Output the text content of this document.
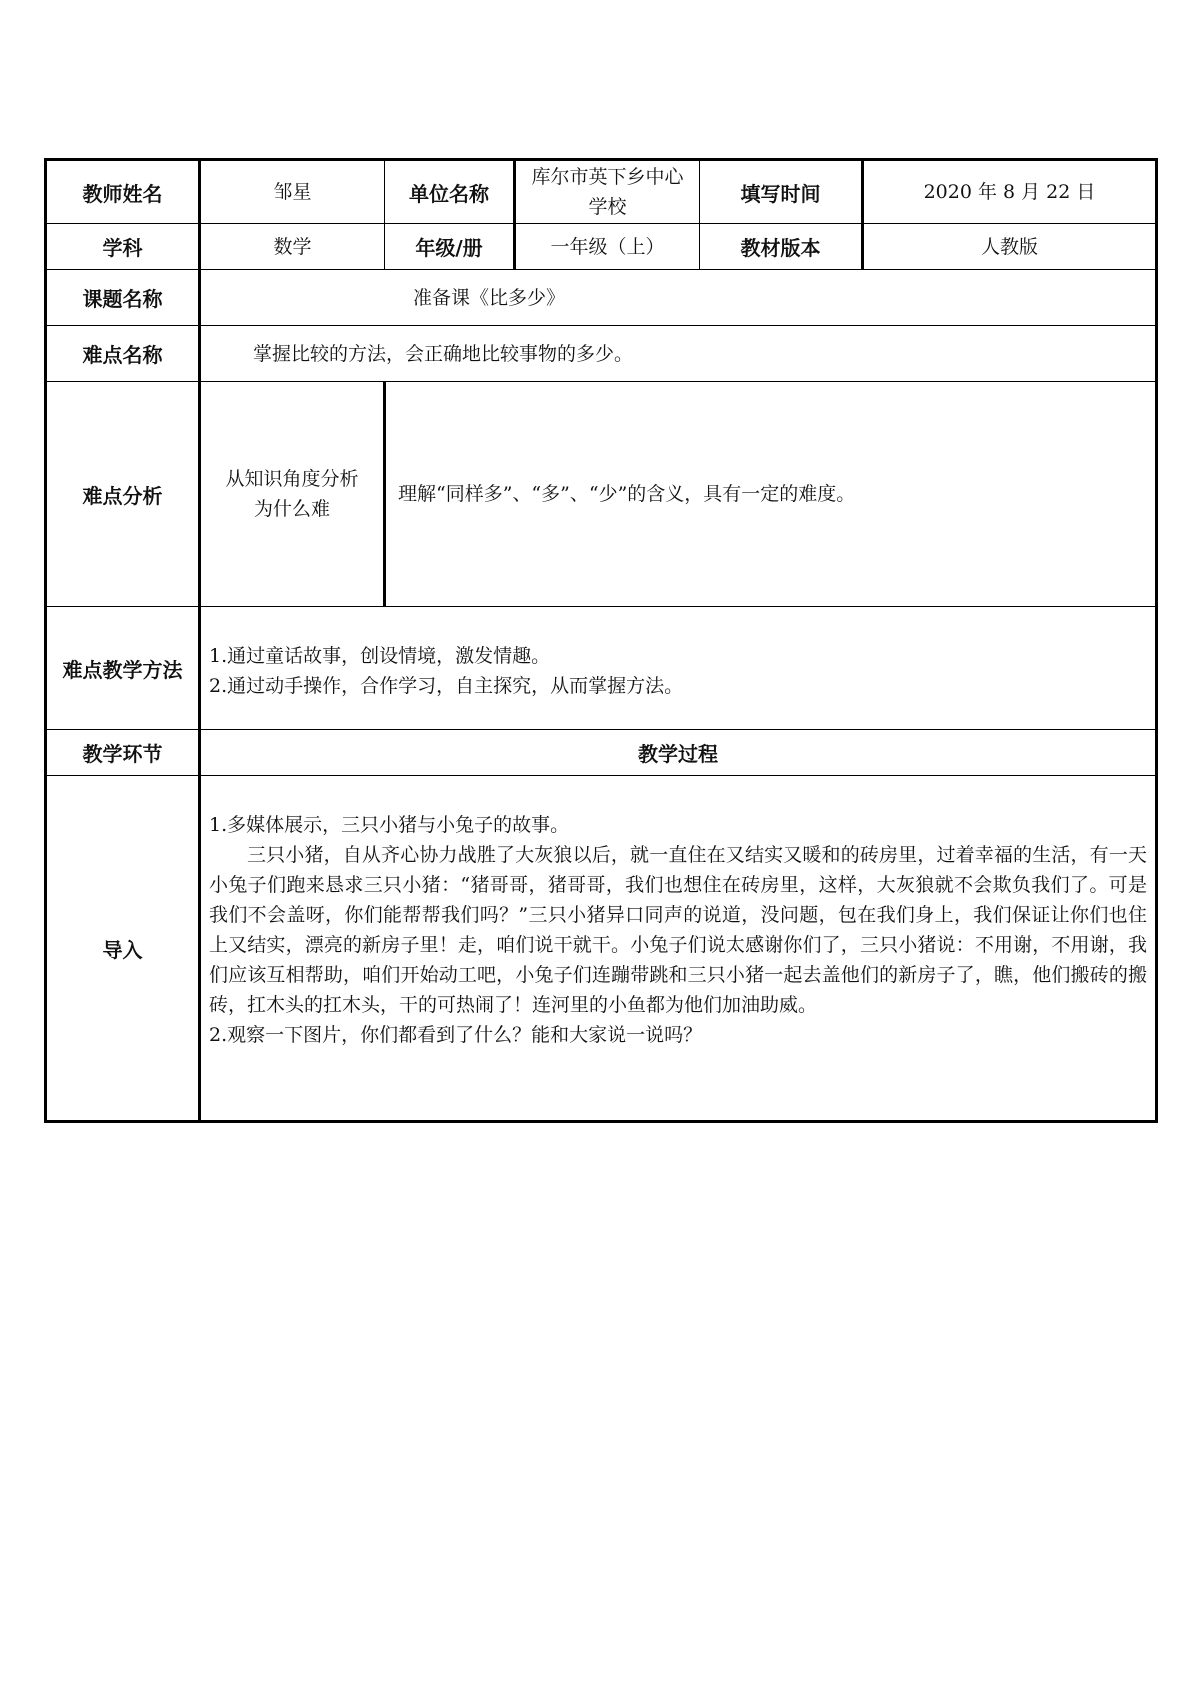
教师姓名	邹星	单位名称	库尔市英下乡中心学校	填写时间	2020 年 8 月 22 日
学科	数学	年级/册	一年级（上）	教材版本	人教版
课题名称	准备课《比多少》				
难点名称	掌握比较的方法，会正确地比较事物的多少。				
难点分析	从知识角度分析为什么难	理解“同样多”、“多”、“少”的含义，具有一定的难度。			
难点教学方法	1.通过童话故事，创设情境，激发情趣。

2.通过动手操作，合作学习，自主探究，从而掌握方法。				

教学环节	教学过程				
导入	1.多媒体展示，三只小猪与小兔子的故事。

三只小猪，自从齐心协力战胜了大灰狼以后，就一直住在又结实又暖和的砖房里，过着幸福的生活，有一天小兔子们跑来恳求三只小猪：“猪哥哥，猪哥哥，我们也想住在砖房里，这样，大灰狼就不会欺负我们了。可是我们不会盖呀，你们能帮帮我们吗？”三只小猪异口同声的说道，没问题，包在我们身上，我们保证让你们也住上又结实，漂亮的新房子里！走，咱们说干就干。小兔子们说太感谢你们了，三只小猪说：不用谢，不用谢，我们应该互相帮助，咱们开始动工吧，小兔子们连蹦带跳和三只小猪一起去盖他们的新房子了，瞧，他们搬砖的搬砖，扛木头的扛木头，干的可热闹了！连河里的小鱼都为他们加油助威。

2.观察一下图片，你们都看到了什么？能和大家说一说吗？				
